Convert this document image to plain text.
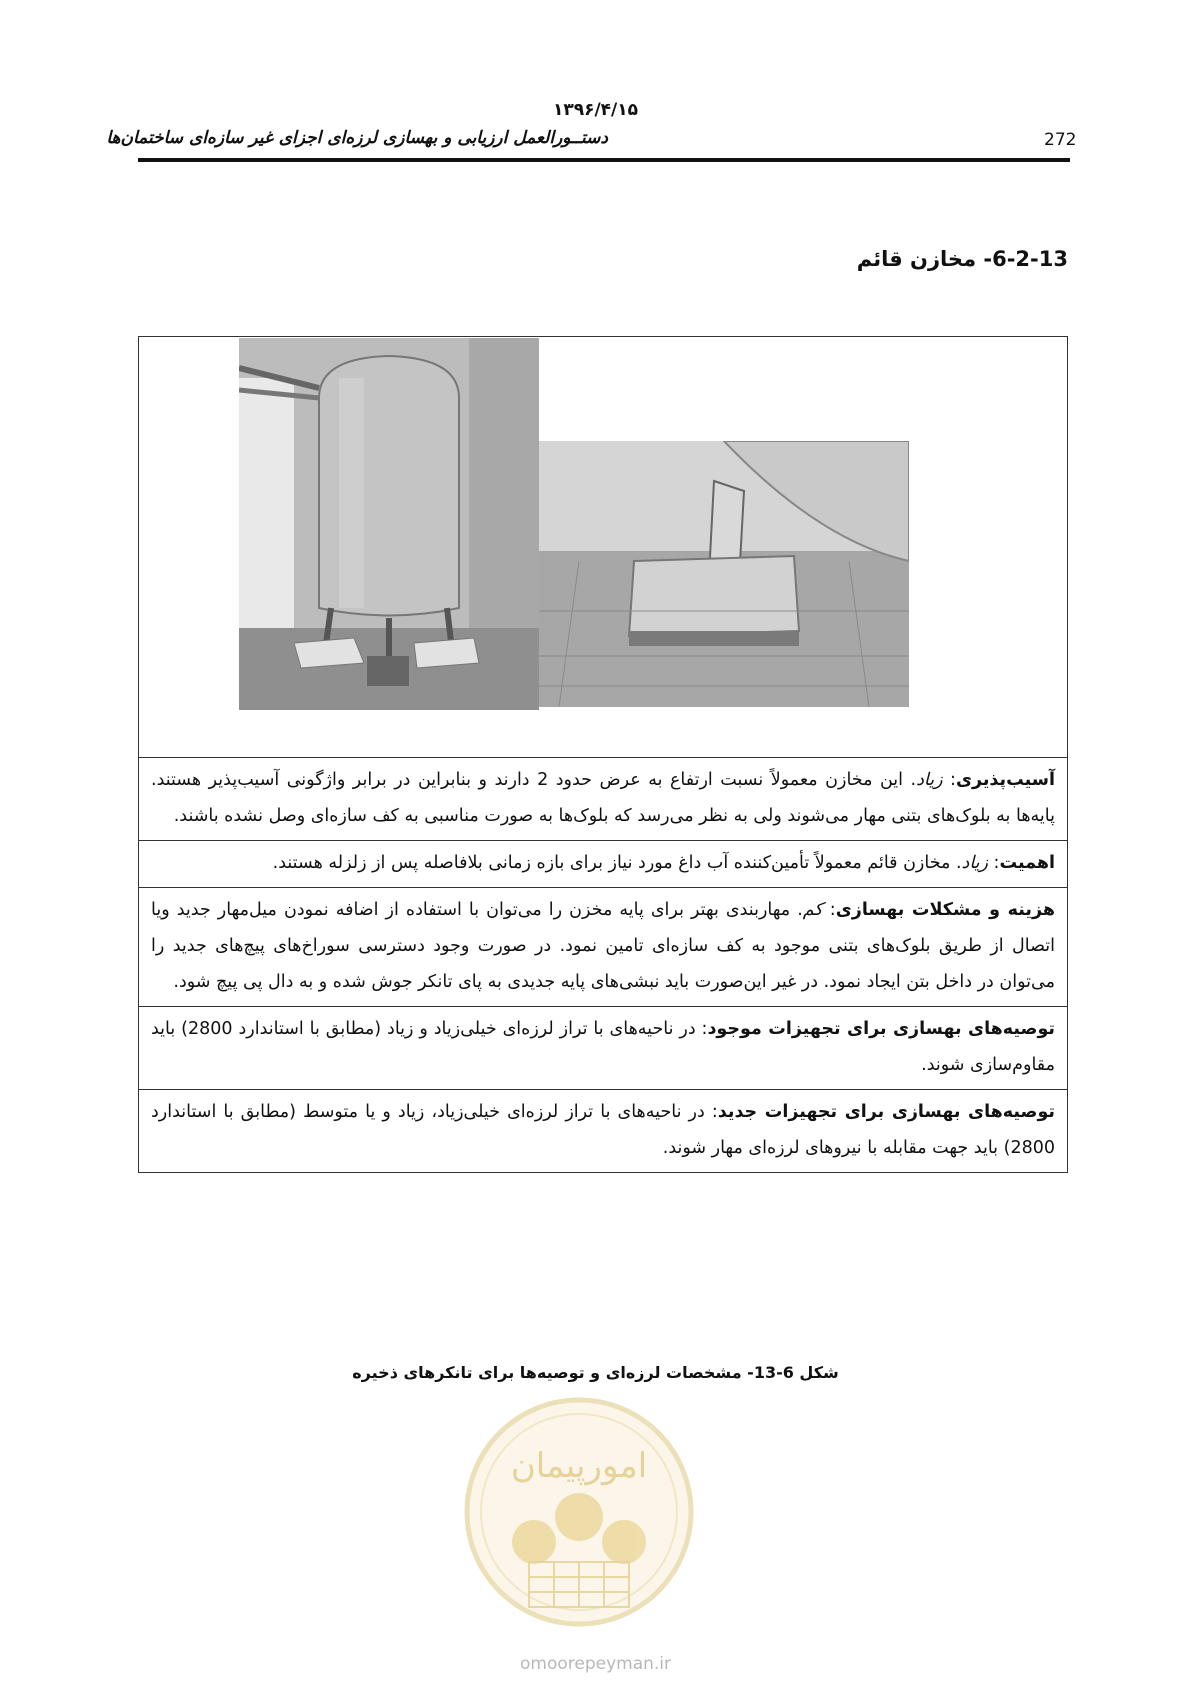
۱۳۹۶/۴/۱۵
دستــورالعمل ارزیابی و بهسازی لرزه‌ای اجزای غیر سازه‌ای ساختمان‌ها	272
6-2-13- مخازن قائم
آسیب‌پذیری: زیاد. این مخازن معمولاً نسبت ارتفاع به عرض حدود 2 دارند و بنابراین در برابر واژگونی آسیب‌پذیر هستند. پایه‌ها به بلوک‌های بتنی مهار می‌شوند ولی به نظر می‌رسد که بلوک‌ها به صورت مناسبی به کف سازه‌ای وصل نشده باشند.
اهمیت: زیاد. مخازن قائم معمولاً تأمین‌کننده آب داغ مورد نیاز برای بازه زمانی بلافاصله پس از زلزله هستند.
هزینه و مشکلات بهسازی: کم. مهاربندی بهتر برای پایه مخزن را می‌توان با استفاده از اضافه نمودن میل‌مهار جدید ویا اتصال از طریق بلوک‌های بتنی موجود به کف سازه‌ای تامین نمود. در صورت وجود دسترسی سوراخ‌های پیچ‌های جدید را می‌توان در داخل بتن ایجاد نمود. در غیر این‌صورت باید نبشی‌های پایه جدیدی به پای تانکر جوش شده و به دال پی پیچ شود.
توصیه‌های بهسازی برای تجهیزات موجود: در ناحیه‌های با تراز لرزه‌ای خیلی‌زیاد و زیاد (مطابق با استاندارد 2800) باید مقاوم‌سازی شوند.
توصیه‌های بهسازی برای تجهیزات جدید: در ناحیه‌های با تراز لرزه‌ای خیلی‌زیاد، زیاد و یا متوسط (مطابق با استاندارد 2800) باید جهت مقابله با نیروهای لرزه‌ای مهار شوند.
شکل 6-13- مشخصات لرزه‌ای و توصیه‌ها برای تانکرهای ذخیره
امورپیمان
omoorepeyman.ir
